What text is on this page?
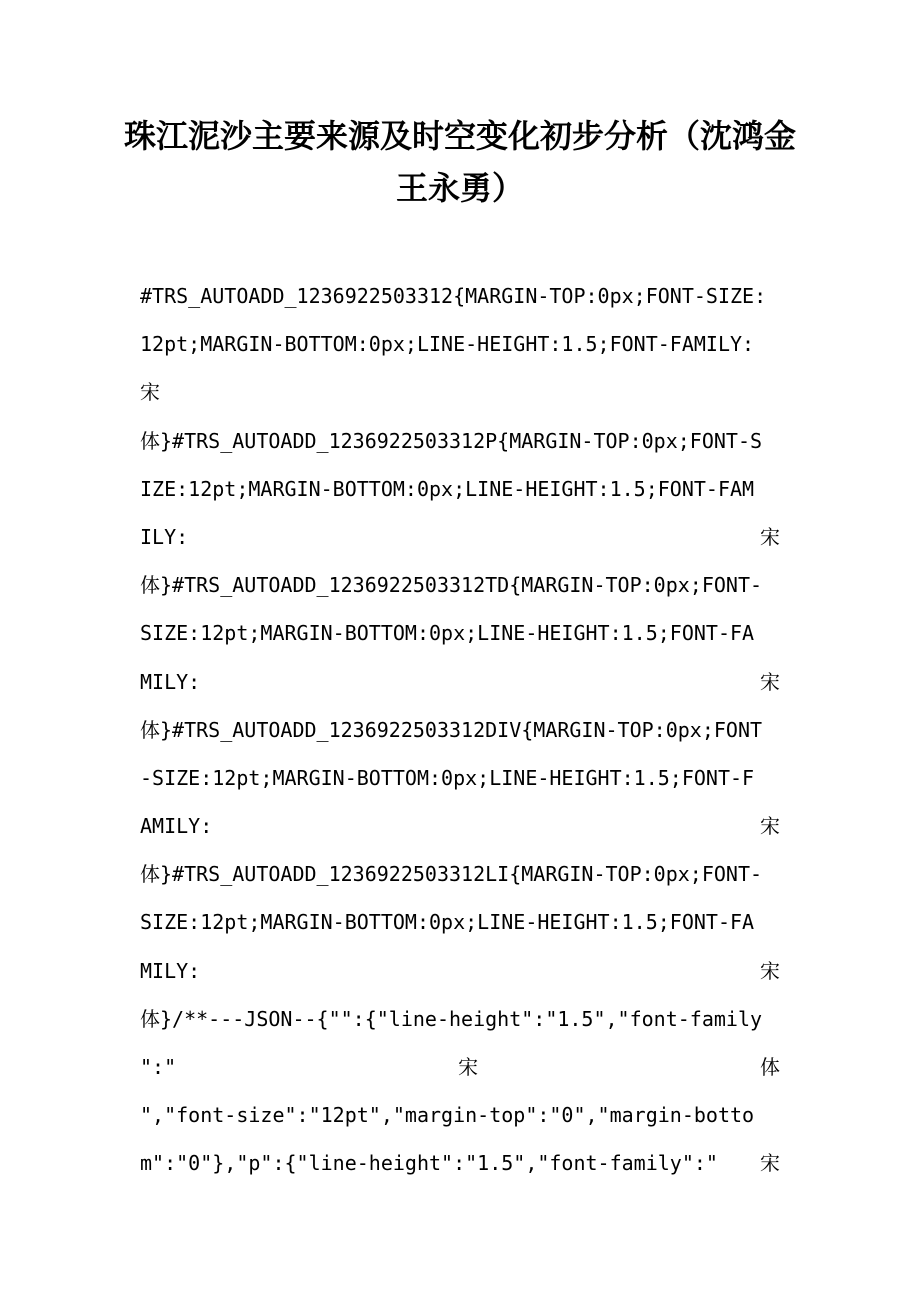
珠江泥沙主要来源及时空变化初步分析（沈鸿金王永勇）
#TRS_AUTOADD_1236922503312{MARGIN-TOP:0px;FONT-SIZE:
12pt;MARGIN-BOTTOM:0px;LINE-HEIGHT:1.5;FONT-FAMILY:
宋
体}#TRS_AUTOADD_1236922503312P{MARGIN-TOP:0px;FONT-S
IZE:12pt;MARGIN-BOTTOM:0px;LINE-HEIGHT:1.5;FONT-FAM
ILY:	宋
体}#TRS_AUTOADD_1236922503312TD{MARGIN-TOP:0px;FONT-
SIZE:12pt;MARGIN-BOTTOM:0px;LINE-HEIGHT:1.5;FONT-FA
MILY:	宋
体}#TRS_AUTOADD_1236922503312DIV{MARGIN-TOP:0px;FONT
-SIZE:12pt;MARGIN-BOTTOM:0px;LINE-HEIGHT:1.5;FONT-F
AMILY:	宋
体}#TRS_AUTOADD_1236922503312LI{MARGIN-TOP:0px;FONT-
SIZE:12pt;MARGIN-BOTTOM:0px;LINE-HEIGHT:1.5;FONT-FA
MILY:	宋
体}/**---JSON--{"":{"line-height":"1.5","font-family
":"	宋	体
","font-size":"12pt","margin-top":"0","margin-botto
m":"0"},"p":{"line-height":"1.5","font-family":" 宋
